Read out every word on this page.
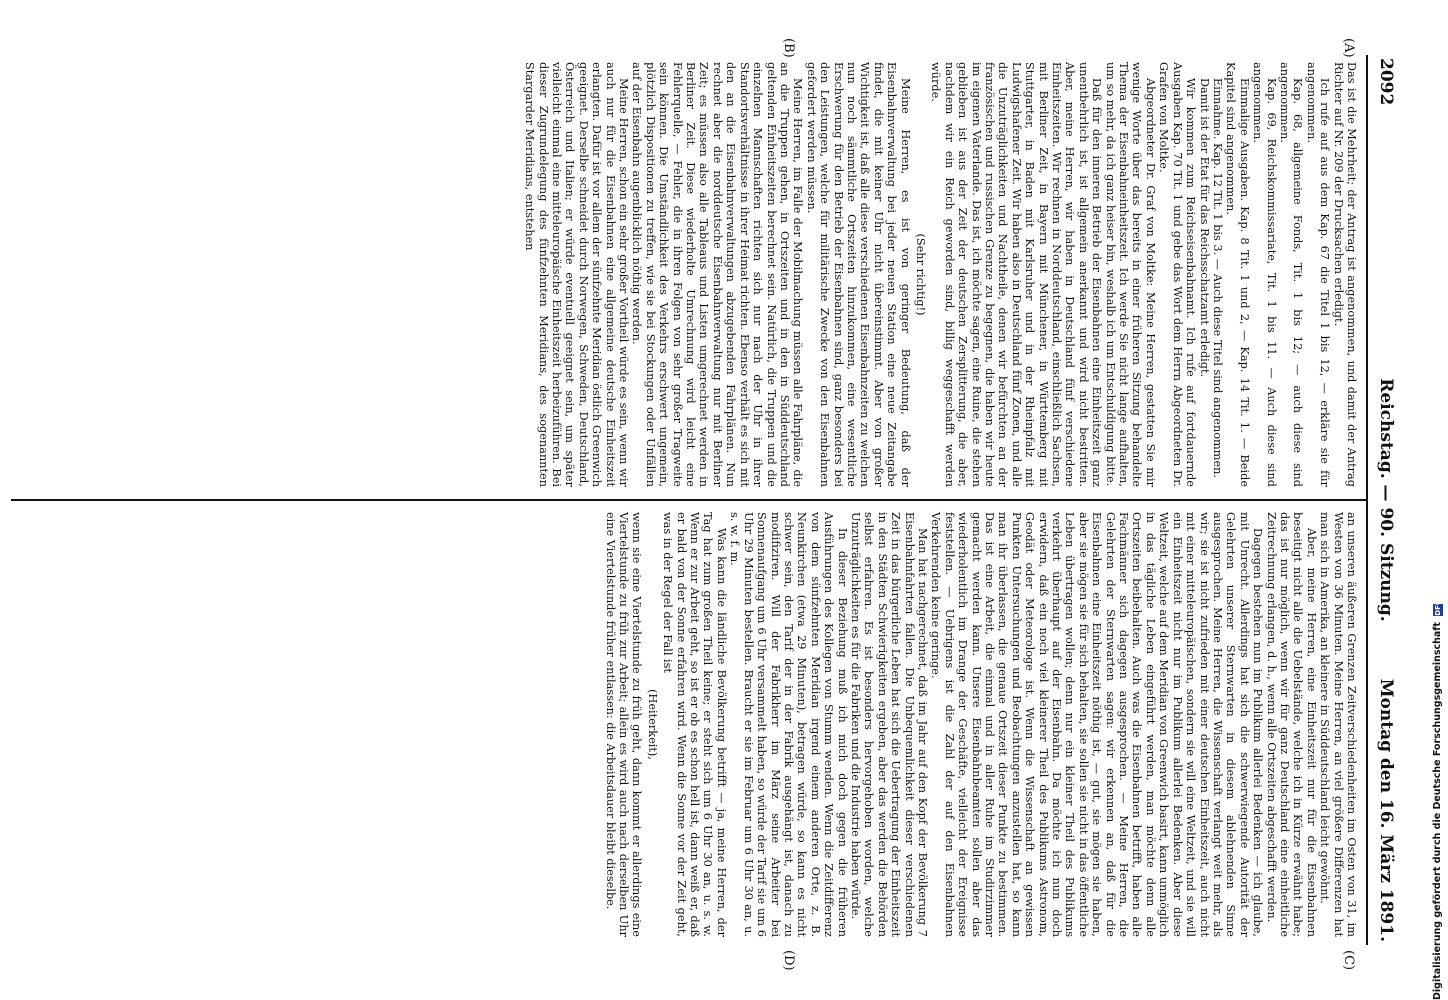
2092
Reichstag. — 90. Sitzung.
Montag den 16. März 1891.
(A)
(B)
(C)
(D)

Das ist die Mehrheit; der Antrag ist angenommen, und damit der Antrag Richter auf Nr. 209 der Drucksachen erledigt.

Ich rufe auf aus dem Kap. 67 die Titel 1 bis 12, — erkläre sie für angenommen.

Kap. 68, allgemeine Fonds, Tit. 1 bis 12; — auch diese sind angenommen.

Kap. 69, Reichskommissariate, Tit. 1 bis 11. — Auch diese sind angenommen.

Einmalige Ausgaben. Kap. 8 Tit. 1 und 2, — Kap. 14 Tit. 1. — Beide Kapitel sind angenommen.

Einnahme. Kap. 12 Tit. 1 bis 3. — Auch diese Titel sind angenommen.

Damit ist der Etat für das Reichsschatzamt erledigt.

Wir kommen zum Reichseisenbahnamt. Ich rufe auf fortdauernde Ausgaben Kap. 70 Tit. 1 und gebe das Wort dem Herrn Abgeordneten Dr. Grafen von Moltke.

Abgeordneter Dr. Graf von Moltke: Meine Herren, gestatten Sie mir wenige Worte über das bereits in einer früheren Sitzung behandelte Thema der Eisenbahneinheitszeit. Ich werde Sie nicht lange aufhalten, um so mehr, da ich ganz heiser bin, weshalb ich um Entschuldigung bitte.

Daß für den inneren Betrieb der Eisenbahnen eine Einheitszeit ganz unentbehrlich ist, ist allgemein anerkannt und wird nicht bestritten. Aber, meine Herren, wir haben in Deutschland fünf verschiedene Einheitszeiten. Wir rechnen in Norddeutschland, einschließlich Sachsen, mit Berliner Zeit, in Bayern mit Münchener, in Württemberg mit Stuttgarter, in Baden mit Karlsruher und in der Rheinpfalz mit Ludwigshafener Zeit. Wir haben also in Deutschland fünf Zonen, und alle die Unzuträglichkeiten und Nachtheile, denen wir befürchten an der französischen und russischen Grenze zu begegnen, die haben wir heute im eigenen Vaterlande. Das ist, ich möchte sagen, eine Ruine, die stehen geblieben ist aus der Zeit der deutschen Zersplitterung, die aber, nachdem wir ein Reich geworden sind, billig weggeschafft werden würde.

(Sehr richtig!)

Meine Herren, es ist von geringer Bedeutung, daß der Eisenbahnverwaltung bei jeder neuen Station eine neue Zeitangabe findet, die mit keiner Uhr nicht übereinstimmt. Aber von großer Wichtigkeit ist, daß alle diese verschiedenen Eisenbahnzeiten zu welchen nun noch sämmtliche Ortszeiten hinzukommen, eine wesentliche Erschwerung für den Betrieb der Eisenbahnen sind, ganz besonders bei den Leistungen, welche für militärische Zwecke von den Eisenbahnen gefordert werden müssen.

Meine Herren, im Falle der Mobilmachung müssen alle Fahrpläne, die an die Truppen gehen, in Ortszeiten und in den in Süddeutschland geltenden Einheitszeiten berechnet sein. Natürlich, die Truppen und die einzelnen Mannschaften richten sich nur nach der Uhr in ihrer Standortsverhältnisse in ihrer Heimat richten. Ebenso verhält es sich mit den an die Eisenbahnverwaltungen abzugebenden Fahrplänen. Nun rechnet aber die norddeutsche Eisenbahnverwaltung nur mit Berliner Zeit; es müssen also alle Tableaus und Listen umgerechnet werden in Berliner Zeit. Diese wiederholte Umrechnung wird leicht eine Fehlerquelle, — Fehler, die in ihren Folgen von sehr großer Tragweite sein können. Die Umständlichkeit des Verkehrs erschwert ungemein, plötzlich Dispositionen zu treffen, wie sie bei Stockungen oder Unfällen auf der Eisenbahn augenblicklich nöthig werden.

Meine Herren, schon ein sehr großer Vortheil würde es sein, wenn wir auch nur für die Eisenbahnen eine allgemeine deutsche Einheitszeit erlangten. Dafür ist vor allem der sünfzehnte Meridian östlich Greenwich geeignet. Derselbe schneidet durch Norwegen, Schweden, Deutschland, Österreich und Italien; er würde eventuell geeignet sein, um später vielleicht einmal eine mitteleuropäische Einheitszeit herbeizuführen. Bei dieser Zugrundelegung des fünfzehnten Meridians, des sogenannten Stargarder Meridians, entstehen

an unseren äußeren Grenzen Zeitverschiedenheiten im Osten von 31, im Westen von 36 Minuten. Meine Herren, an viel größere Differenzen hat man sich in Amerika, an kleinere in Süddeutschland leicht gewöhnt.

Aber, meine Herren, eine Einheitszeit nur für die Eisenbahnen beseitigt nicht alle die Uebelstände, welche ich in Kürze erwähnt habe; das ist nur möglich, wenn wir für ganz Deutschland eine einheitliche Zeitrechnung erlangen, d. h., wenn alle Ortszeiten abgeschafft werden.

Dagegen bestehen nun im Publikum allerlei Bedenken — ich glaube, mit Unrecht. Allerdings hat sich die schwerwiegende Autorität der Gelehrten unserer Sternwarten in diesem ablehnenden Sinne ausgesprochen. Meine Herren, die Wissenschaft verlangt weit mehr, als wir; sie ist nicht zufrieden mit einer deutschen Einheitszeit, auch nicht mit einer mitteleuropäischen, sondern sie will eine Weltzeit, und sie will ein Einheitszeit nicht nur im Publikum allerlei Bedenken. Aber diese Weltzeit, welche auf dem Meridian von Greenwich basirt, kann unmöglich in das tägliche Leben eingeführt werden, man möchte denn alle Ortszeiten beibehalten. Auch was die Eisenbahnen betrifft, haben alle Fachmänner sich dagegen ausgesprochen. — Meine Herren, die Gelehrten der Sternwarten sagen: wir erkennen an, daß für die Eisenbahnen eine Einheitszeit nöthig ist, — gut, sie mögen sie haben, aber sie mögen sie für sich behalten, sie sollen sie nicht in das öffentliche Leben übertragen wollen; denn nur ein kleiner Theil des Publikums verkehrt überhaupt auf der Eisenbahn. Da möchte ich nun doch erwidern, daß ein noch viel kleinerer Theil des Publikums Astronom, Geodät oder Meteorologe ist. Wenn die Wissenschaft an gewissen Punkten Untersuchungen und Beobachtungen anzustellen hat, so kann man ihr überlassen, die genaue Ortszeit dieser Punkte zu bestimmen. Das ist eine Arbeit, die einmal und in aller Ruhe im Studirzimmer gemacht werden kann. Unsere Eisenbahnbeamten sollen aber das wiederholentlich im Drange der Geschäfte, vielleicht der Ereignisse feststellen. — Uebrigens ist die Zahl der auf den Eisenbahnen Verkehrenden keine geringe.

Man hat nachgerechnet, daß im Jahr auf den Kopf der Bevölkerung 7 Eisenbahnfahrten fallen. Die Unbequemlichkeit dieser verschiedenen Zeit in das bürgerliche Leben hat sich die Uebertragung der Einheitszeit in den Städten Schwierigkeiten ergeben, aber das werden die Behörden selbst erfahren. Es ist besonders hervorgehoben worden, welche Unzuträglichkeiten es für die Fabriken und die Industrie haben würde.

In dieser Beziehung muß ich mich doch gegen die früheren Ausführungen des Kollegen von Stumm wenden. Wenn die Zeitdifferenz von dem sünfzehnten Meridian irgend einem anderen Orte, z. B. Neunkirchen (etwa 29 Minuten), betragen würde, so kann es nicht schwer sein, den Tarif der in der Fabrik ausgehängt ist, danach zu modifiziren. Will der Fabrikherr im März seine Arbeiter bei Sonnenaufgang um 6 Uhr versammelt haben, so würde der Tarif sie um 6 Uhr 29 Minuten bestellen. Braucht er sie im Februar um 6 Uhr 30 an, u. s. w. f. m.

Was kann die ländliche Bevölkerung betrifft — ja, meine Herren, der Tag hat zum großen Theil keine; er steht sich um 6 Uhr 30 an, u. s. w. Wenn er zur Arbeit geht, so ist er ob es schon hell ist, dann weiß er, daß er bald von der Sonne erfahren wird. Wenn die Sonne vor der Zeit geht, was in der Regel der Fall ist

(Heiterkeit),

wenn sie eine Viertelstunde zu früh geht, dann kommt er allerdings eine Viertelstunde zu früh zur Arbeit; allein es wird auch nach derselben Uhr eine Viertelstunde früher entlassen: die Arbeitsdauer bleibt dieselbe.	Digitalisierung gefördert durch die Deutsche Forschungsgemeinschaft DFG
